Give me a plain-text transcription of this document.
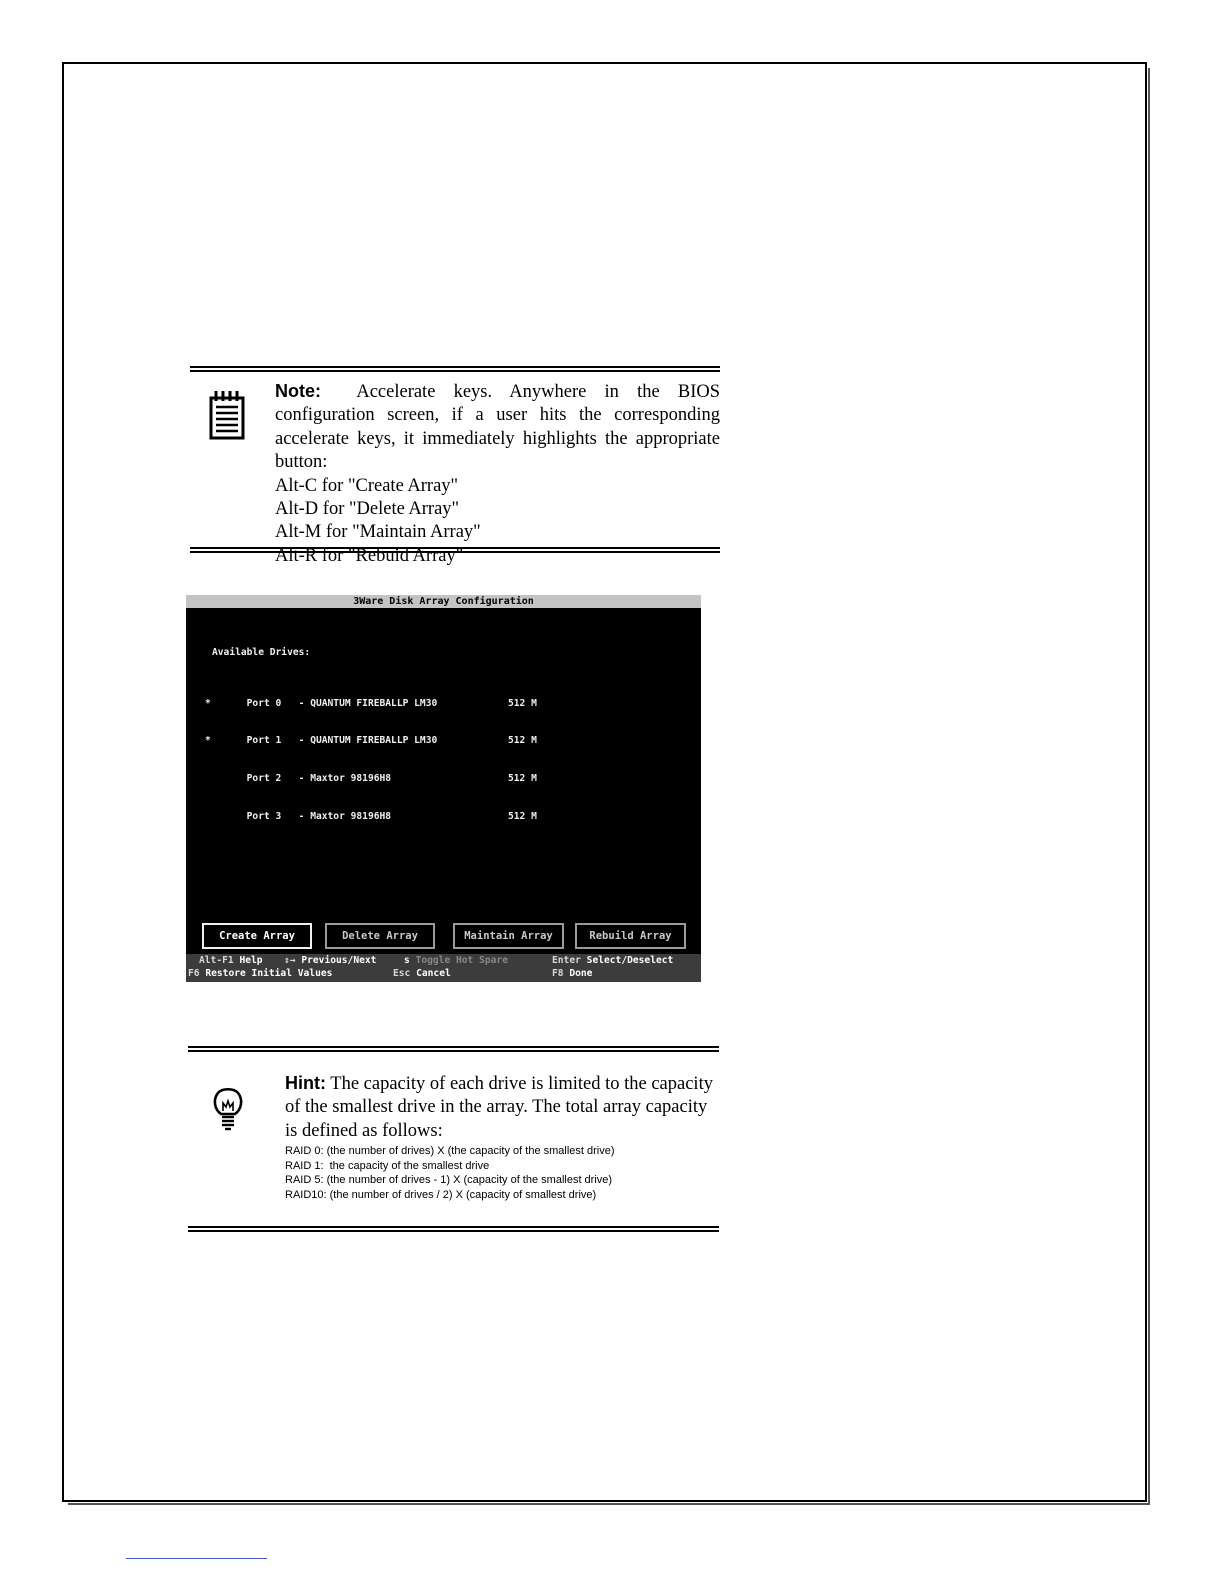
Note: Accelerate keys. Anywhere in the BIOS configuration screen, if a user hits the corresponding accelerate keys, it immediately highlights the appropriate button:
Alt-C for "Create Array"
Alt-D for "Delete Array"
Alt-M for "Maintain Array"
Alt-R for "Rebuid Array"
3Ware Disk Array Configuration

Available Drives:

*	Port 0 - QUANTUM FIREBALLP LM30	512 M

*	Port 1 - QUANTUM FIREBALLP LM30	512 M

Port 2 - Maxtor 98196H8	512 M

Port 3 - Maxtor 98196H8	512 M

Create Array	Delete Array	Maintain Array	Rebuild Array
Alt-F1 Help ↕→ Previous/Next	s Toggle Hot Spare	Enter Select/Deselect
F6 Restore Initial Values	Esc Cancel	F8 Done
Hint: The capacity of each drive is limited to the capacity of the smallest drive in the array. The total array capacity is defined as follows:
RAID 0: (the number of drives) X (the capacity of the smallest drive)
RAID 1:  the capacity of the smallest drive
RAID 5: (the number of drives - 1) X (capacity of the smallest drive)
RAID10: (the number of drives / 2) X (capacity of smallest drive)
